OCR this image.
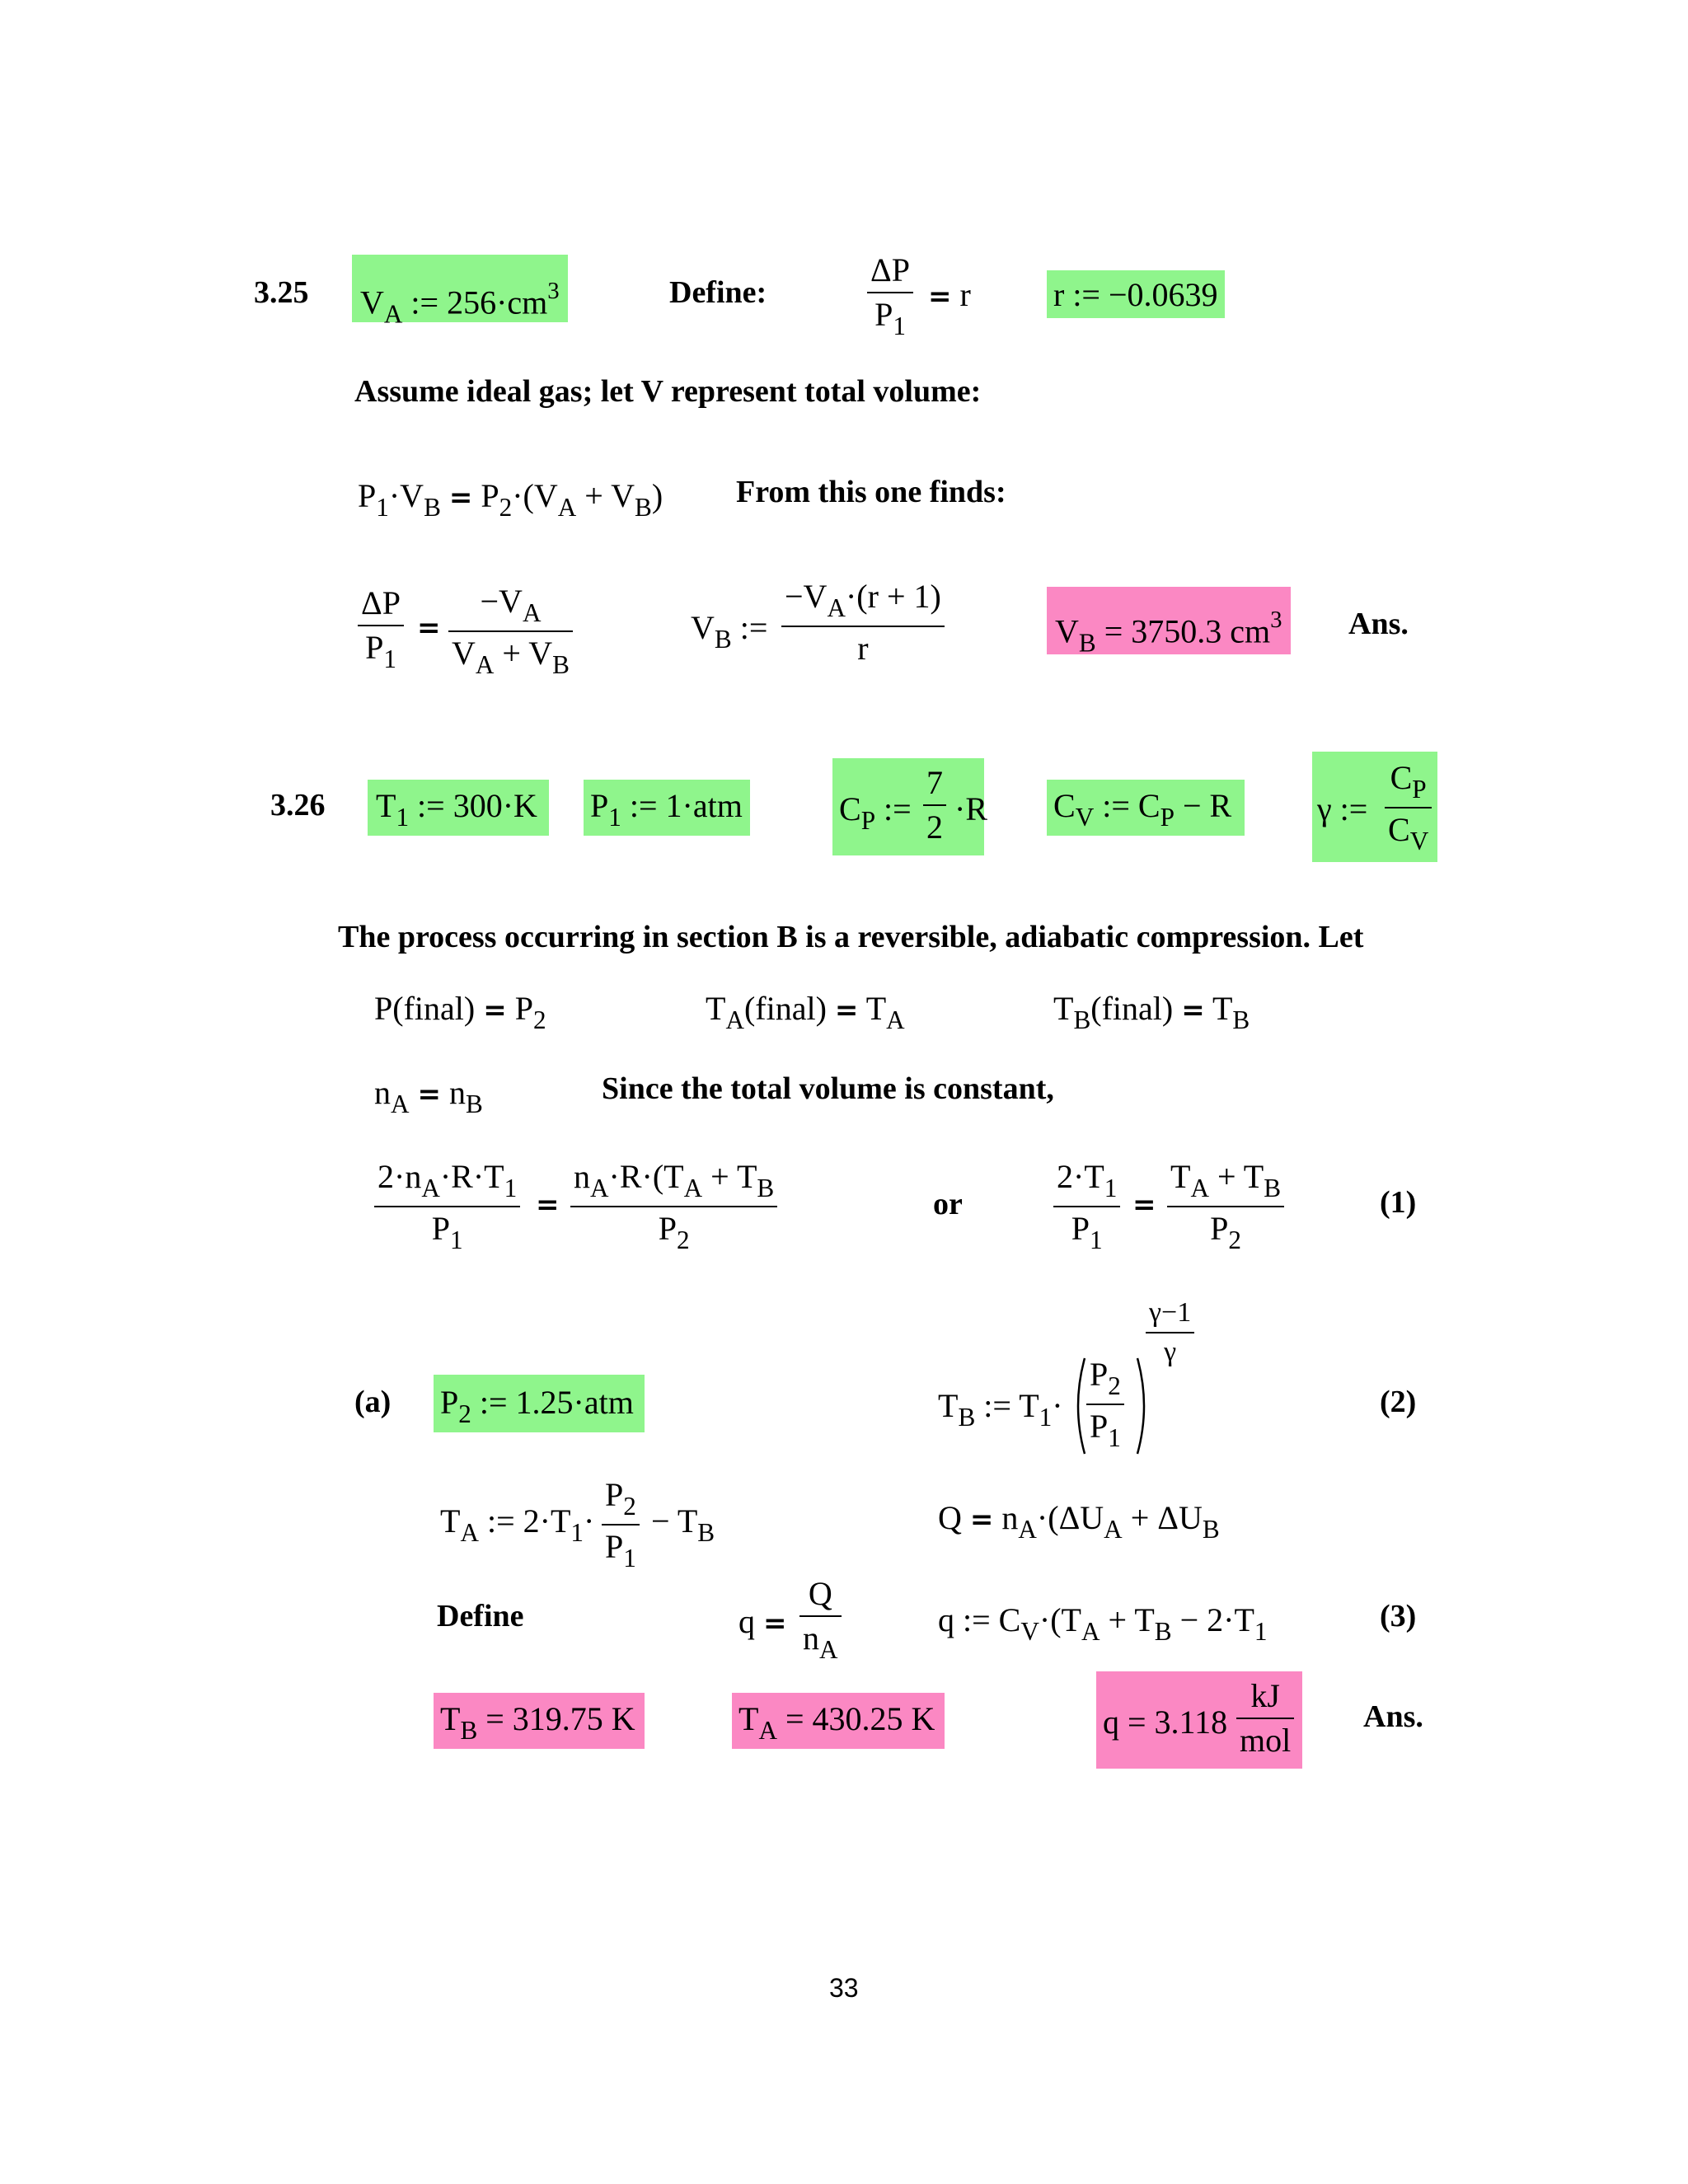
3.25 $V_A$ := $256\cdot cm^3$	Define:
ΔP
$P_1$
= r	r := −0.0639
Assume ideal gas; let V represent total volume:
$P_1\cdot V_B = P_2\cdot(V_A + V_B)$ From this one finds:
ΔP
$P_1$
=
$-V_A$
$V_A + V_B$
$V_B$ :=
$-V_A\cdot(r + 1)$
r	$V_B = 3750.3$ $cm^3$ Ans.
3.26 $T_1$ := 300·K $P_1$ := 1·atm	$C_P$ :=
7
2 ·R $C_V$ := $C_P - R$	γ :=
$C_P$
$C_V$
The process occurring in section B is a reversible, adiabatic compression. Let
P(final) = $P_2$	$T_A(final) = T_A$	$T_B(final) = T_B$
$n_A = n_B$	Since the total volume is constant,
$2\cdot n_A\cdot R\cdot T_1$
$P_1$
=
$n_A\cdot R\cdot(T_A + T_B$
$P_2$
or
$2\cdot T_1$
$P_1$
=
$T_A + T_B$
$P_2$
(1)
(a) $P_2$ := 1.25·atm	$T_B$ := $T_1\cdot$
$P_2$
$P_1$
γ−1
γ
(2)
$T_A$ := $2\cdot T_1\cdot$
$P_2$
$P_1$
− $T_B$	$Q = n_A\cdot(\Delta U_A + \Delta U_B$
Define	q =
Q
$n_A$
q := $C_V\cdot(T_A + T_B - 2\cdot T_1$	(3)
$T_B = 319.75$ K	$T_A = 430.25$ K	q = 3.118
kJ
mol
Ans.
33
